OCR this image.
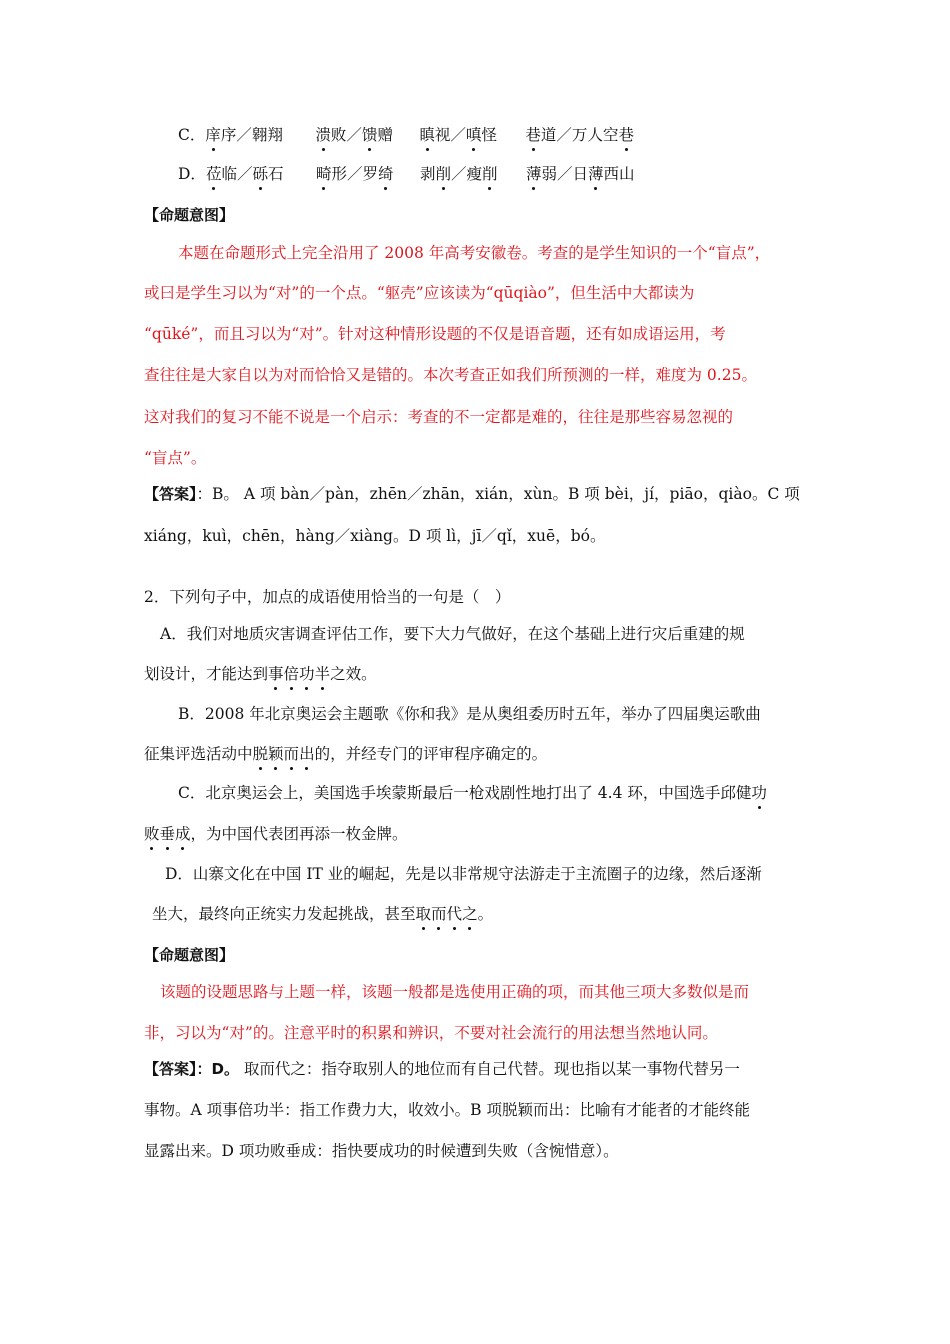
C．庠序／翱翔 溃败／馈赠 瞋视／嗔怪 巷道／万人空巷
D．莅临／砾石 畸形／罗绮 剥削／瘦削 薄弱／日薄西山
【命题意图】
本题在命题形式上完全沿用了 2008 年高考安徽卷。考查的是学生知识的一个“盲点”，
或曰是学生习以为“对”的一个点。“躯壳”应该读为“qūqiào”，但生活中大都读为
“qūké”，而且习以为“对”。针对这种情形设题的不仅是语音题，还有如成语运用，考
查往往是大家自以为对而恰恰又是错的。本次考查正如我们所预测的一样，难度为 0.25。
这对我们的复习不能不说是一个启示：考查的不一定都是难的，往往是那些容易忽视的
“盲点”。
【答案】：B。 A 项 bàn／pàn，zhēn／zhān，xián，xùn。B 项 bèi，jí，piāo，qiào。C 项
xiáng，kuì，chēn，hàng／xiàng。D 项 lì，jī／qǐ，xuē，bó。
2．下列句子中，加点的成语使用恰当的一句是（　）
A．我们对地质灾害调查评估工作，要下大力气做好，在这个基础上进行灾后重建的规
划设计，才能达到事倍功半之效。
B．2008 年北京奥运会主题歌《你和我》是从奥组委历时五年，举办了四届奥运歌曲
征集评选活动中脱颖而出的，并经专门的评审程序确定的。
C．北京奥运会上，美国选手埃蒙斯最后一枪戏剧性地打出了 4.4 环，中国选手邱健功
败垂成，为中国代表团再添一枚金牌。
D．山寨文化在中国 IT 业的崛起，先是以非常规守法游走于主流圈子的边缘，然后逐渐
坐大，最终向正统实力发起挑战，甚至取而代之。
【命题意图】
该题的设题思路与上题一样，该题一般都是选使用正确的项，而其他三项大多数似是而
非，习以为“对”的。注意平时的积累和辨识，不要对社会流行的用法想当然地认同。
【答案】：D。 取而代之：指夺取别人的地位而有自己代替。现也指以某一事物代替另一
事物。A 项事倍功半：指工作费力大，收效小。B 项脱颖而出：比喻有才能者的才能终能
显露出来。D 项功败垂成：指快要成功的时候遭到失败（含惋惜意）。
